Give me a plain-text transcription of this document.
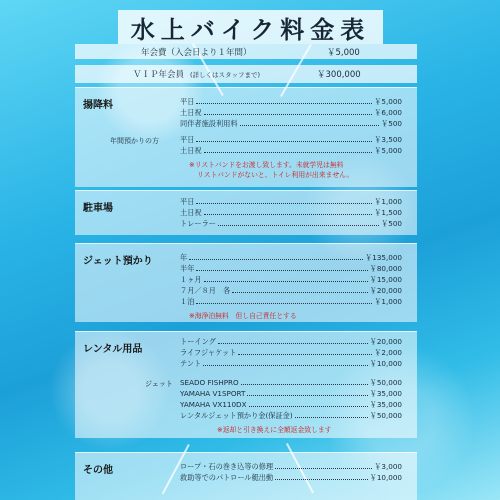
水上バイク料金表
年会費（入会日より１年間）	￥5,000
ＶＩＰ年会員 (詳しくはスタッフまで)	￥300,000
揚降料	平日	￥5,000
土日祝	￥6,000
同伴者施設利用料	￥500
年間預かりの方	平日	￥3,500
土日祝	￥5,000
※リストバンドをお渡し致します。未就学児は無料
リストバンドがないと、トイレ利用が出来ません。
駐車場
平日	￥1,000
土日祝	￥1,500
トレーラー	￥500
ジェット預かり	年	￥135,000
半年	￥80,000
１ヶ月	￥15,000
７月／８月　各	￥20,000
１泊	￥1,000
※海浄泊無料　但し自己責任とする
レンタル用品
トーイング	￥20,000
ライフジャケット	￥2,000
テント	￥10,000
ジェット SEADO FISHPRO	￥50,000
YAMAHA V1SPORT	￥35,000
YAMAHA VX110DX	￥35,000
レンタルジェット預かり金(保証金)	￥50,000
※返却と引き換えに全額返金致します
その他	ロープ・石の巻き込等の修理	￥3,000
救助等でのパトロール艇出動	￥10,000
